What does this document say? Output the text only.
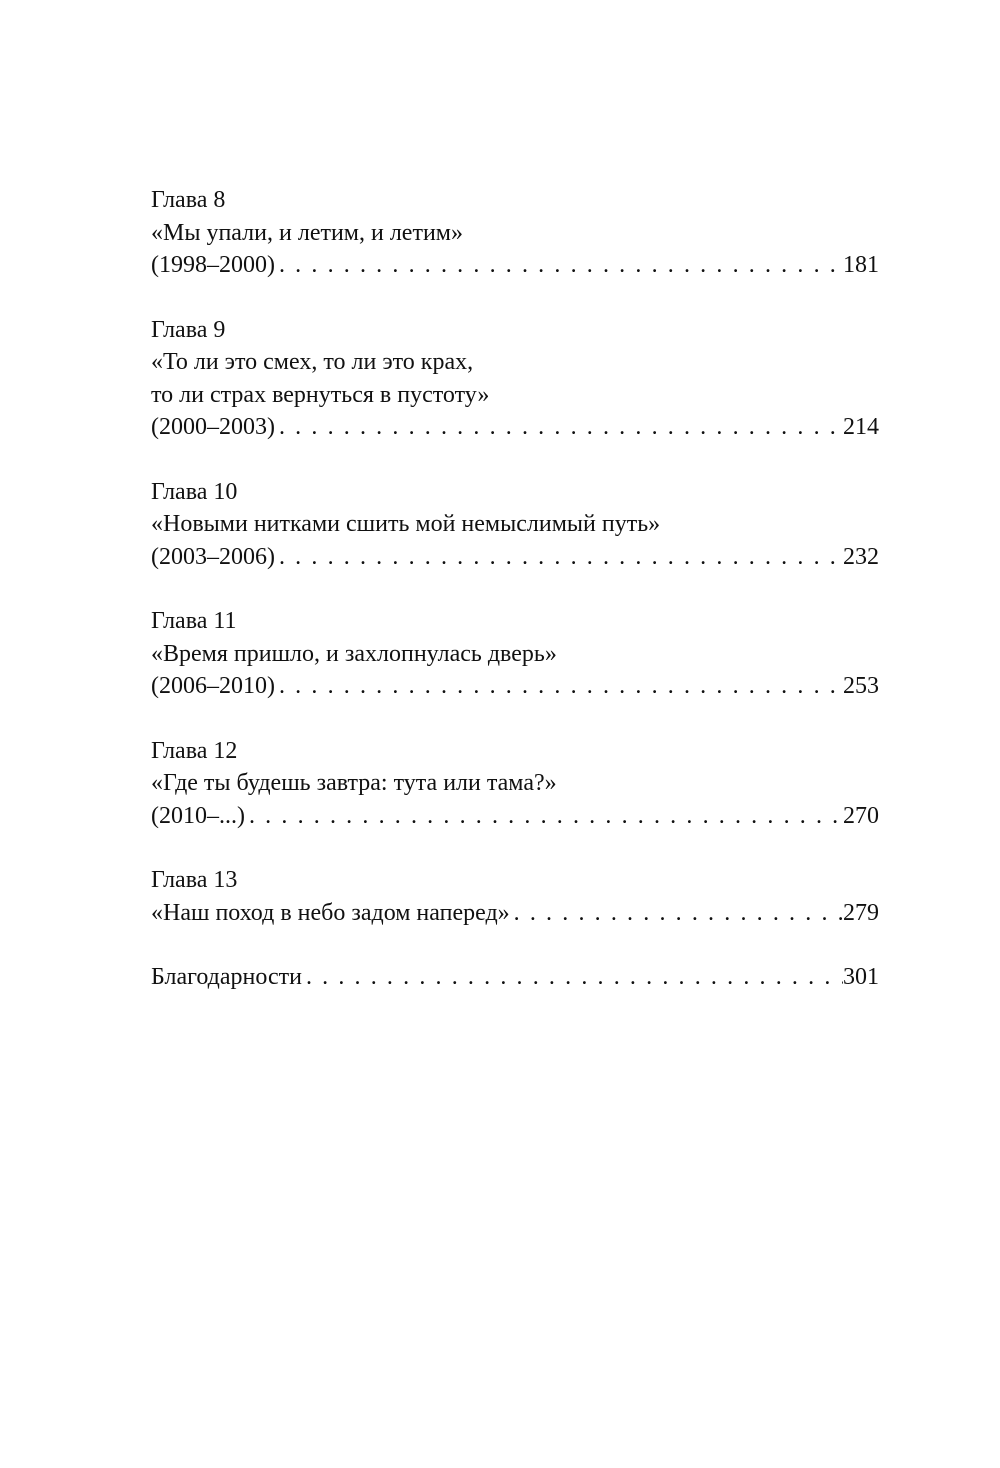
Глава 8
«Мы упали, и летим, и летим»
(1998–2000) . . .	181
Глава 9
«То ли это смех, то ли это крах,
то ли страх вернуться в пустоту»
(2000–2003) . . .	214
Глава 10
«Новыми нитками сшить мой немыслимый путь»
(2003–2006) . . .	232
Глава 11
«Время пришло, и захлопнулась дверь»
(2006–2010) . . .	253
Глава 12
«Где ты будешь завтра: тута или тама?»
(2010–...) . . .	270
Глава 13
«Наш поход в небо задом наперед» . . .	279
Благодарности . . .	301
